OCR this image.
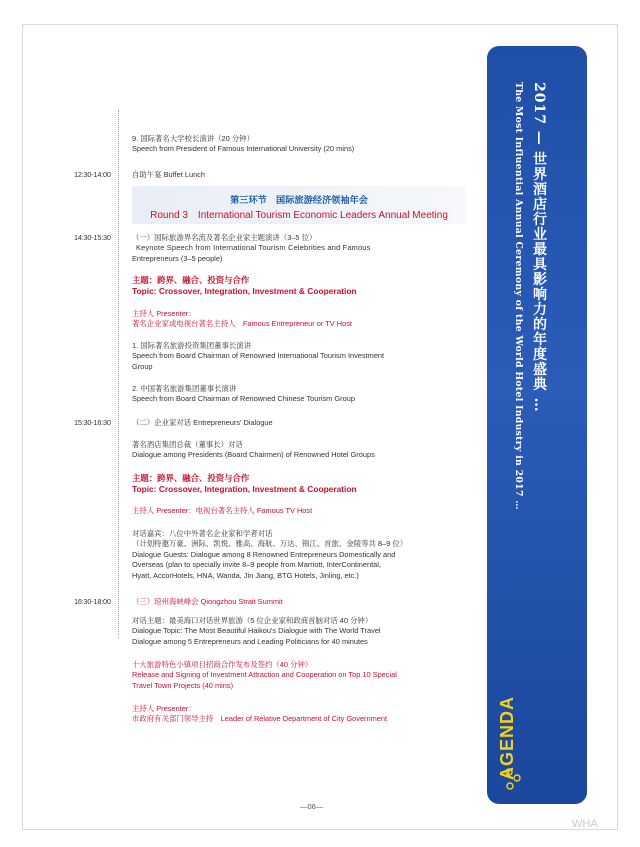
9. 国际著名大学校长演讲（20 分钟）

Speech from President of Famous International University (20 mins)

12:30-14:00	自助午宴 Buffet Lunch

第三环节　国际旅游经济领袖年会
Round 3　International Tourism Economic Leaders Annual Meeting
14:30-15:30	（一）国际旅游界名流及著名企业家主题演讲（3–5 位）

Keynote Speech from International Tourism Celebrities and Famous

Entrepreneurs (3–5 people)

主题：跨界、融合、投资与合作

Topic: Crossover, Integration, Investment & Cooperation

主持人 Presenter：

著名企业家或电视台著名主持人　Famous Entrepreneur or TV Host

1. 国际著名旅游投资集团董事长演讲

Speech from Board Chairman of Renowned International Tourism Investment

Group

2. 中国著名旅游集团董事长演讲

Speech from Board Chairman of Renowned Chinese Tourism Group

15:30-16:30	（二）企业家对话 Entrepreneurs' Dialogue

著名酒店集团总裁（董事长）对话

Dialogue among Presidents (Board Chairmen) of Renowned Hotel Groups

主题：跨界、融合、投资与合作

Topic: Crossover, Integration, Investment & Cooperation

主持人 Presenter：电视台著名主持人 Famous TV Host

对话嘉宾：八位中外著名企业家和学者对话

（计划特邀万豪、洲际、凯悦、雅高、海航、万达、锦江、首旅、金陵等共 8–9 位）

Dialogue Guests: Dialogue among 8 Renowned Entrepreneurs Domestically and

Overseas (plan to specially invite 8–9 people from Marriott, InterContinental,

Hyatt, AccorHotels, HNA, Wanda, Jin Jiang, BTG Hotels, Jinling, etc.)

16:30-18:00	（三）琼州海峡峰会 Qiongzhou Strait Summit

对话主题：最美海口对话世界旅游（5 位企业家和政商首脑对话 40 分钟）

Dialogue Topic: The Most Beautiful Haikou's Dialogue with The World Travel

Dialogue among 5 Entrepreneurs and Leading Politicians for 40 minutes

十大旅游特色小镇项目招商合作发布及签约（40 分钟）

Release and Signing of Investment Attraction and Cooperation on Top 10 Special

Travel Town Projects (40 mins)

主持人 Presenter：

市政府有关部门领导主持　Leader of Relative Department of City Government

—06—
2017 — 世界酒店行业最具影响力的年度盛典 …
The Most Influential Annual Ceremony of the World Hotel Industry in 2017 …
AGENDA
WHA
